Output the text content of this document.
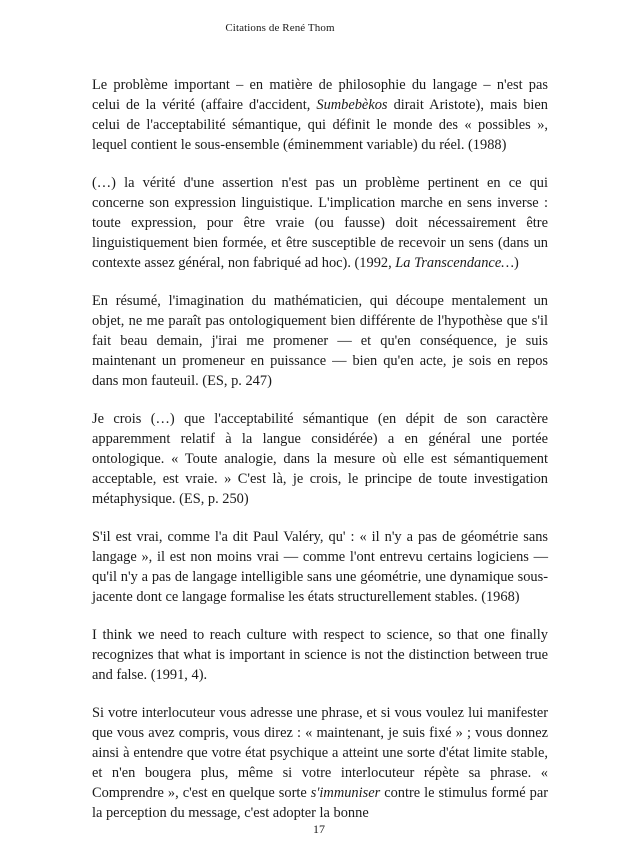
Citations de René Thom

Le problème important – en matière de philosophie du langage – n'est pas celui de la vérité (affaire d'accident, Sumbebèkos dirait Aristote), mais bien celui de l'acceptabilité sémantique, qui définit le monde des « possibles », lequel contient le sous-ensemble (éminemment variable) du réel. (1988)

(…) la vérité d'une assertion n'est pas un problème pertinent en ce qui concerne son expression linguistique. L'implication marche en sens inverse : toute expression, pour être vraie (ou fausse) doit nécessairement être linguistiquement bien formée, et être susceptible de recevoir un sens (dans un contexte assez général, non fabriqué ad hoc). (1992, La Transcendance…)

En résumé, l'imagination du mathématicien, qui découpe mentalement un objet, ne me paraît pas ontologiquement bien différente de l'hypothèse que s'il fait beau demain, j'irai me promener — et qu'en conséquence, je suis maintenant un promeneur en puissance — bien qu'en acte, je sois en repos dans mon fauteuil. (ES, p. 247)

Je crois (…) que l'acceptabilité sémantique (en dépit de son caractère apparemment relatif à la langue considérée) a en général une portée ontologique. « Toute analogie, dans la mesure où elle est sémantiquement acceptable, est vraie. » C'est là, je crois, le principe de toute investigation métaphysique. (ES, p. 250)

S'il est vrai, comme l'a dit Paul Valéry, qu' : « il n'y a pas de géométrie sans langage », il est non moins vrai — comme l'ont entrevu certains logiciens — qu'il n'y a pas de langage intelligible sans une géométrie, une dynamique sous-jacente dont ce langage formalise les états structurellement stables. (1968)

I think we need to reach culture with respect to science, so that one finally recognizes that what is important in science is not the distinction between true and false. (1991, 4).

Si votre interlocuteur vous adresse une phrase, et si vous voulez lui manifester que vous avez compris, vous direz : « maintenant, je suis fixé » ; vous donnez ainsi à entendre que votre état psychique a atteint une sorte d'état limite stable, et n'en bougera plus, même si votre interlocuteur répète sa phrase. « Comprendre », c'est en quelque sorte s'immuniser contre le stimulus formé par la perception du message, c'est adopter la bonne

17
